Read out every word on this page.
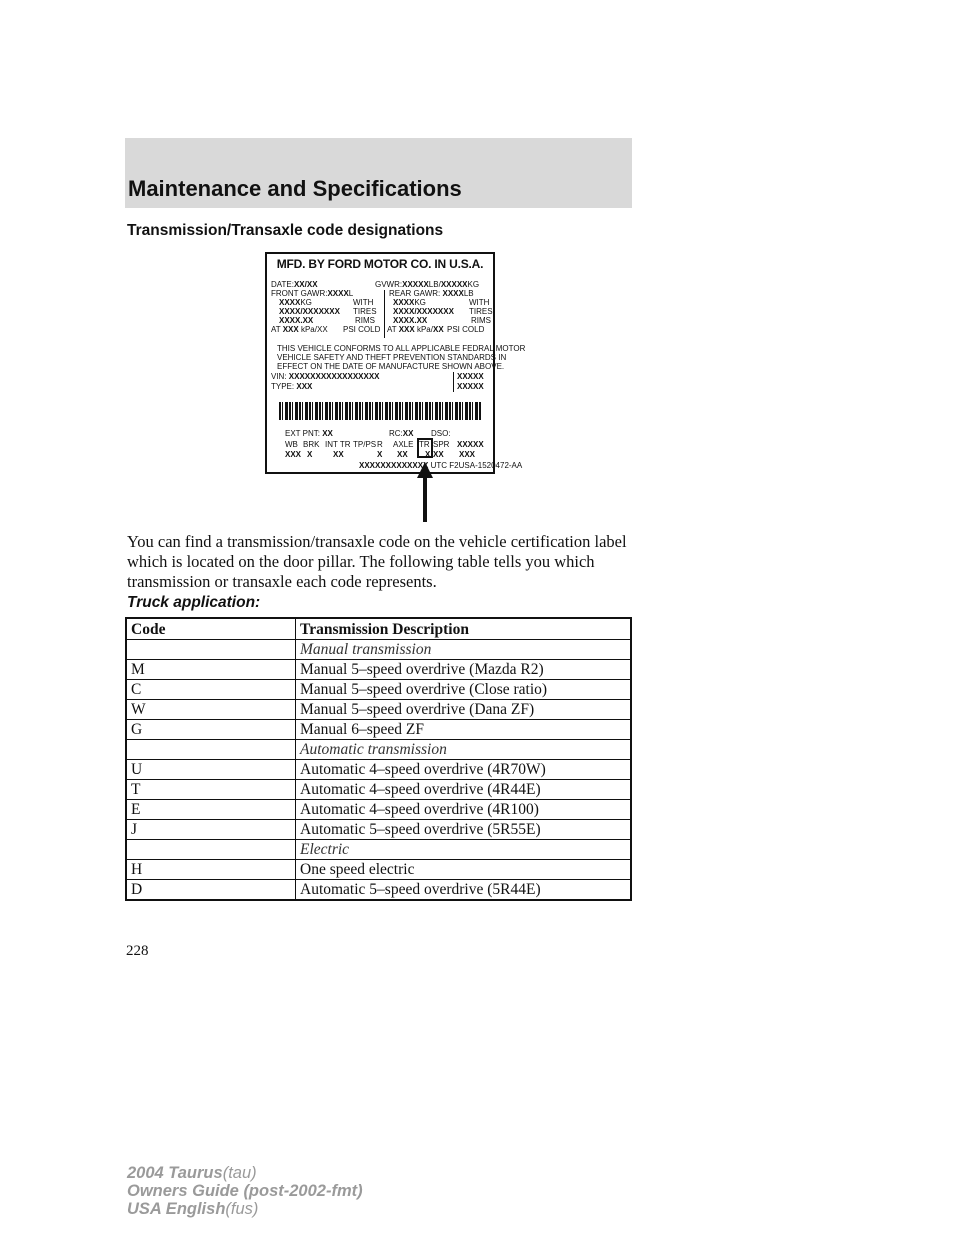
Maintenance and Specifications
Transmission/Transaxle code designations
MFD. BY FORD MOTOR CO. IN U.S.A.
DATE:XX/XX	GVWR:XXXXXLB/XXXXXKG
FRONT GAWR:XXXXL	REAR GAWR: XXXXLB
XXXXKG	WITH XXXXKG	WITH
XXXX/XXXXXXX TIRES XXXX/XXXXXXX TIRES
XXXX.XX	RIMS XXXX.XX	RIMS
AT XXX kPa/XX PSI COLD AT XXX kPa/XX PSI COLD
THIS VEHICLE CONFORMS TO ALL APPLICABLE FEDRAL MOTOR
VEHICLE SAFETY AND THEFT PREVENTION STANDARDS IN
EFFECT ON THE DATE OF MANUFACTURE SHOWN ABOVE.
VIN: XXXXXXXXXXXXXXXXX
TYPE: XXX
XXXXX
XXXXX
EXT PNT: XX	RC:XX DSO:
WB BRK INT TR TP/PS R AXLE TR SPR XXXXX
XXX X	XX	X XX X XX XXX
XXXXXXXXXXXXX UTC F2USA-1520472-AA
You can find a transmission/transaxle code on the vehicle certification label which is located on the door pillar. The following table tells you which transmission or transaxle each code represents.
Truck application:
Code	Transmission Description
	Manual transmission
M	Manual 5–speed overdrive (Mazda R2)
C	Manual 5–speed overdrive (Close ratio)
W	Manual 5–speed overdrive (Dana ZF)
G	Manual 6–speed ZF
	Automatic transmission
U	Automatic 4–speed overdrive (4R70W)
T	Automatic 4–speed overdrive (4R44E)
E	Automatic 4–speed overdrive (4R100)
J	Automatic 5–speed overdrive (5R55E)
	Electric
H	One speed electric
D	Automatic 5–speed overdrive (5R44E)
228
2004 Taurus(tau)
Owners Guide (post-2002-fmt)
USA English(fus)
